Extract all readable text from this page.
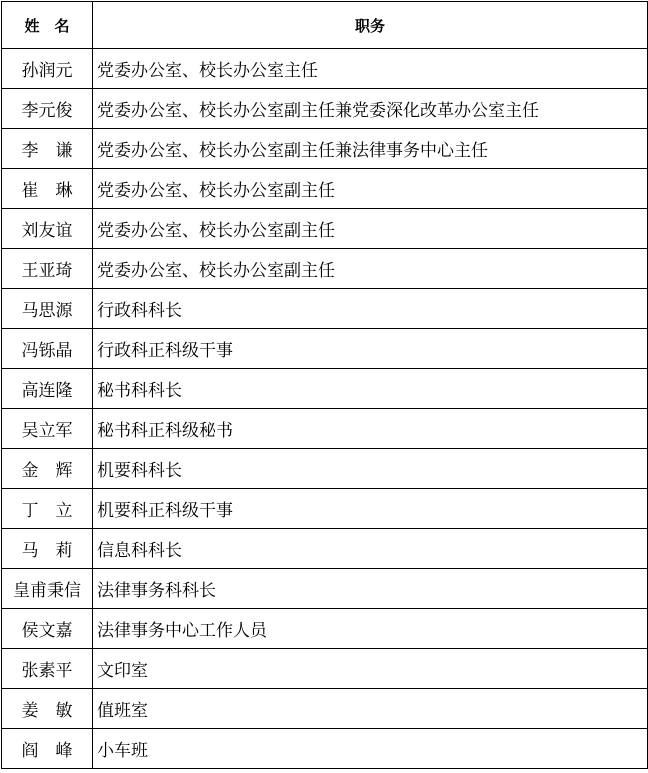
姓　名	职务
孙润元	党委办公室、校长办公室主任
李元俊	党委办公室、校长办公室副主任兼党委深化改革办公室主任
李　谦	党委办公室、校长办公室副主任兼法律事务中心主任
崔　琳	党委办公室、校长办公室副主任
刘友谊	党委办公室、校长办公室副主任
王亚琦	党委办公室、校长办公室副主任
马思源	行政科科长
冯铄晶	行政科正科级干事
高连隆	秘书科科长
吴立军	秘书科正科级秘书
金　辉	机要科科长
丁　立	机要科正科级干事
马　莉	信息科科长
皇甫秉信	法律事务科科长
侯文嘉	法律事务中心工作人员
张素平	文印室
姜　敏	值班室
阎　峰	小车班
